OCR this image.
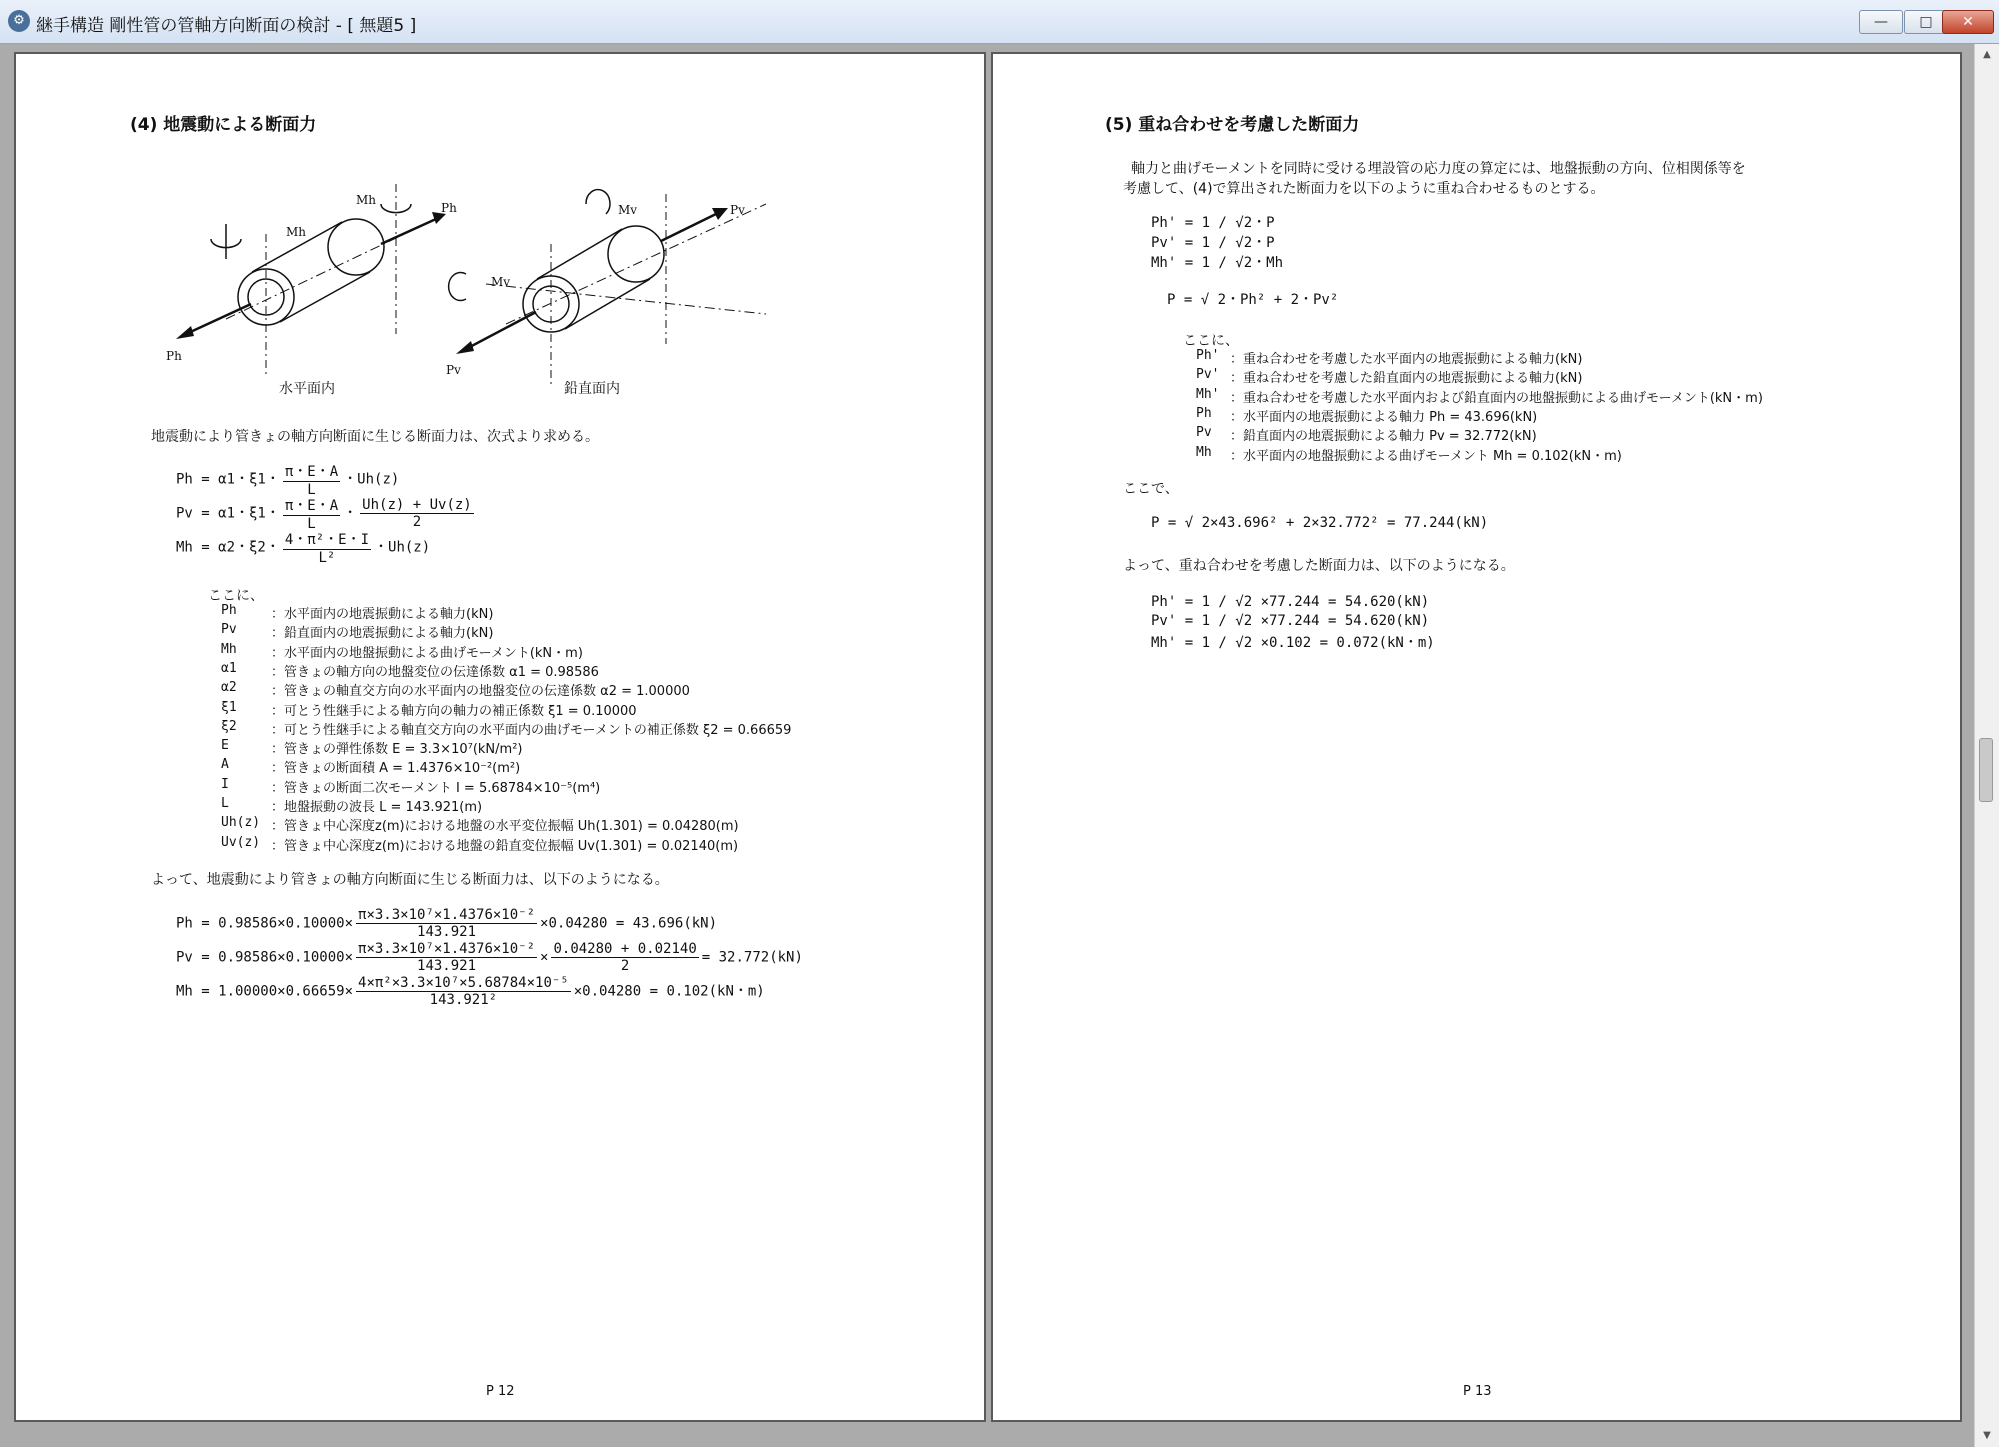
⚙ 継手構造 剛性管の管軸方向断面の検討 - [ 無題5 ]	—	□	✕
(4) 地震動による断面力
Mh
Mh
Ph
Ph
水平面内
Mv
Mv	Pv
Pv
鉛直面内
地震動により管きょの軸方向断面に生じる断面力は、次式より求める。
Ph = α1・ξ1・ $\frac{\pi・E・A}{L}$ ・Uh(z)
Pv = α1・ξ1・ $\frac{\pi・E・A}{L}$ ・ $\frac{Uh(z) + Uv(z)}{2}$
Mh = α2・ξ2・ $\frac{\text{4・π²・E・I}}{\text{L²}}$ ・Uh(z)
ここに、
Ph	：水平面内の地震振動による軸力(kN)
Pv	：鉛直面内の地震振動による軸力(kN)
Mh	：水平面内の地盤振動による曲げモーメント(kN・m)
α1	：管きょの軸方向の地盤変位の伝達係数 α1 = 0.98586
α2	：管きょの軸直交方向の水平面内の地盤変位の伝達係数 α2 = 1.00000
ξ1	：可とう性継手による軸方向の軸力の補正係数 ξ1 = 0.10000
ξ2	：可とう性継手による軸直交方向の水平面内の曲げモーメントの補正係数 ξ2 = 0.66659
E	：管きょの弾性係数 E = 3.3×10⁷(kN/m²)
A	：管きょの断面積 A = 1.4376×10⁻²(m²)
I	：管きょの断面二次モーメント I = 5.68784×10⁻⁵(m⁴)
L	：地盤振動の波長 L = 143.921(m)
Uh(z) ：管きょ中心深度z(m)における地盤の水平変位振幅 Uh(1.301) = 0.04280(m)
Uv(z) ：管きょ中心深度z(m)における地盤の鉛直変位振幅 Uv(1.301) = 0.02140(m)
よって、地震動により管きょの軸方向断面に生じる断面力は、以下のようになる。
$Ph = 0.98586\times 0.10000\times \frac{\text{π×3.3×10⁷×1.4376×10⁻²}}{143.921} \times 0.04280 = 43.696(kN)$
$Pv = 0.98586\times 0.10000\times \frac{\text{π×3.3×10⁷×1.4376×10⁻²}}{143.921} \times \frac{0.04280 + 0.02140}{2} = 32.772(kN)$
$Mh = 1.00000\times 0.66659\times \frac{\text{4×π²×3.3×10⁷×5.68784×10⁻⁵}}{\text{143.921²}} \times 0.04280 = 0.102(kN$・m)
P 12
(5) 重ね合わせを考慮した断面力
軸力と曲げモーメントを同時に受ける埋設管の応力度の算定には、地盤振動の方向、位相関係等を
考慮して、(4)で算出された断面力を以下のように重ね合わせるものとする。
Ph' = 1 / √2・P
Pv' = 1 / √2・P
Mh' = 1 / √2・Mh
P = √ 2・Ph² + 2・Pv²
ここに、
Ph' ：重ね合わせを考慮した水平面内の地震振動による軸力(kN)
Pv' ：重ね合わせを考慮した鉛直面内の地震振動による軸力(kN)
Mh' ：重ね合わせを考慮した水平面内および鉛直面内の地盤振動による曲げモーメント(kN・m)
Ph ：水平面内の地震振動による軸力 Ph = 43.696(kN)
Pv ：鉛直面内の地震振動による軸力 Pv = 32.772(kN)
Mh ：水平面内の地盤振動による曲げモーメント Mh = 0.102(kN・m)
ここで、
P = √ 2×43.696² + 2×32.772² = 77.244(kN)
よって、重ね合わせを考慮した断面力は、以下のようになる。
Ph' = 1 / √2 ×77.244 = 54.620(kN)
Pv' = 1 / √2 ×77.244 = 54.620(kN)
Mh' = 1 / √2 ×0.102 = 0.072(kN・m)
P 13
▲
▼
